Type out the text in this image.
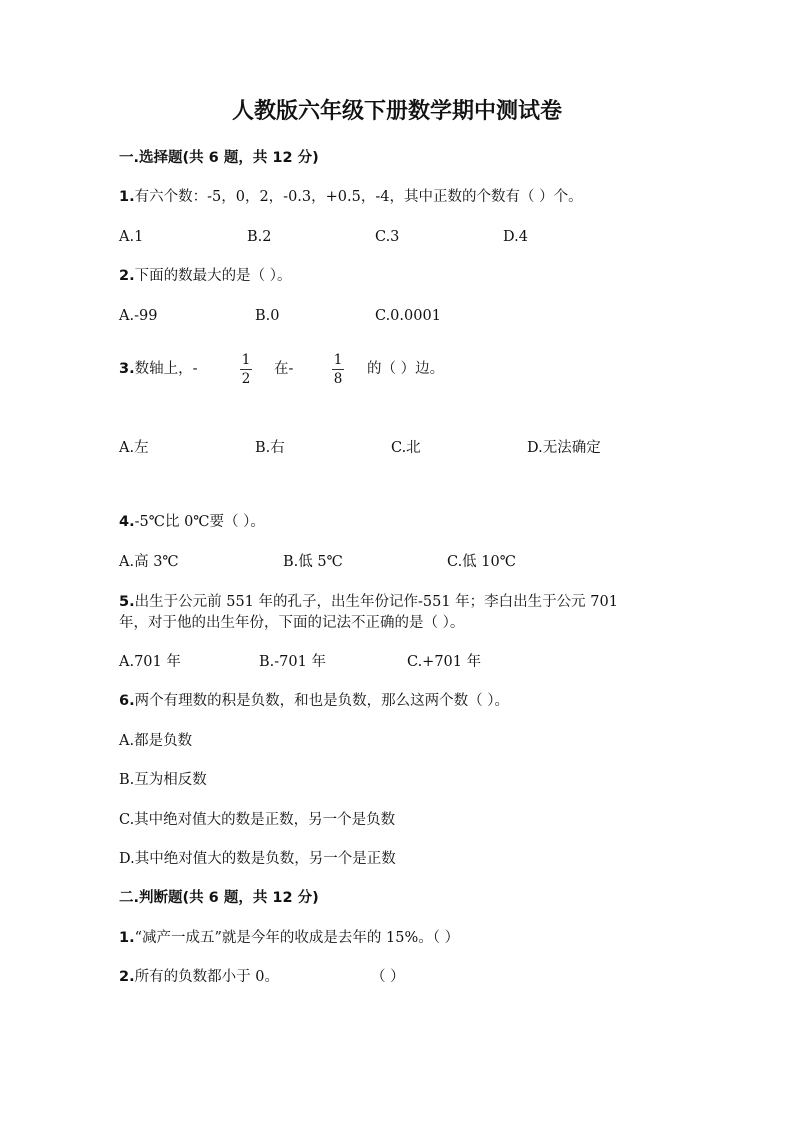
人教版六年级下册数学期中测试卷
一.选择题(共 6 题，共 12 分)
1.有六个数：-5，0，2，-0.3，+0.5，-4，其中正数的个数有（ ）个。
A.1	B.2	C.3	D.4
2.下面的数最大的是（ ）。
A.-99	B.0	C.0.0001
3.数轴上，-
1
2
在-
1
8
的（ ）边。
A.左	B.右	C.北	D.无法确定
4.-5℃比 0℃要（ ）。
A.高 3℃	B.低 5℃	C.低 10℃
5.出生于公元前 551 年的孔子，出生年份记作-551 年；李白出生于公元 701
年，对于他的出生年份，下面的记法不正确的是（ ）。
A.701 年	B.-701 年	C.+701 年
6.两个有理数的积是负数，和也是负数，那么这两个数（ ）。
A.都是负数
B.互为相反数
C.其中绝对值大的数是正数，另一个是负数
D.其中绝对值大的数是负数，另一个是正数
二.判断题(共 6 题，共 12 分)
1.“减产一成五”就是今年的收成是去年的 15%。（ ）
2.所有的负数都小于 0。	（ ）
